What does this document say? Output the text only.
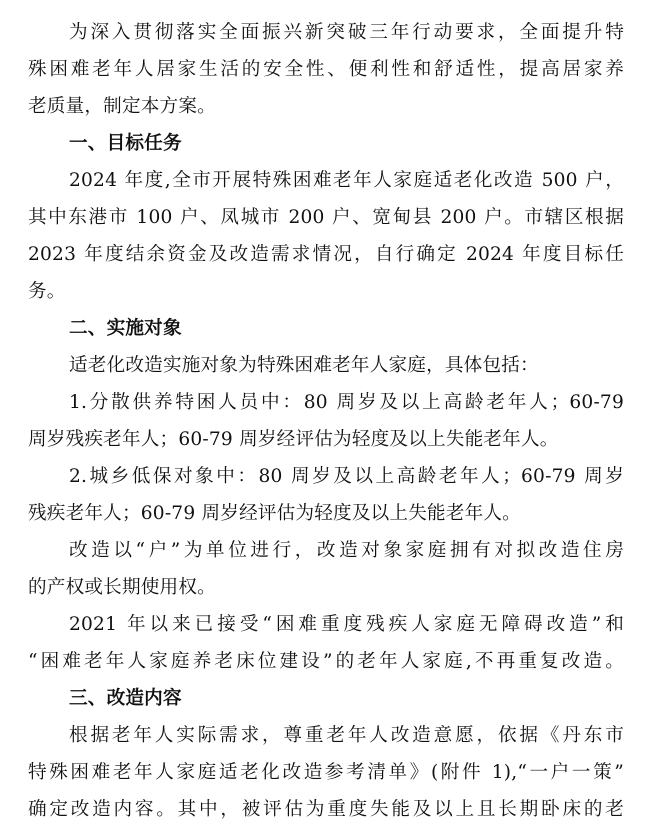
为深入贯彻落实全面振兴新突破三年行动要求，全面提升特
殊困难老年人居家生活的安全性、便利性和舒适性，提高居家养
老质量，制定本方案。
一、目标任务
2024 年度,全市开展特殊困难老年人家庭适老化改造 500 户，
其中东港市 100 户、凤城市 200 户、宽甸县 200 户。市辖区根据
2023 年度结余资金及改造需求情况，自行确定 2024 年度目标任
务。
二、实施对象
适老化改造实施对象为特殊困难老年人家庭，具体包括：
1.分散供养特困人员中：80 周岁及以上高龄老年人；60-79
周岁残疾老年人；60-79 周岁经评估为轻度及以上失能老年人。
2.城乡低保对象中：80 周岁及以上高龄老年人；60-79 周岁
残疾老年人；60-79 周岁经评估为轻度及以上失能老年人。
改造以“户”为单位进行，改造对象家庭拥有对拟改造住房
的产权或长期使用权。
2021 年以来已接受“困难重度残疾人家庭无障碍改造”和
“困难老年人家庭养老床位建设”的老年人家庭,不再重复改造。
三、改造内容
根据老年人实际需求，尊重老年人改造意愿，依据《丹东市
特殊困难老年人家庭适老化改造参考清单》(附件 1),“一户一策”
确定改造内容。其中，被评估为重度失能及以上且长期卧床的老
